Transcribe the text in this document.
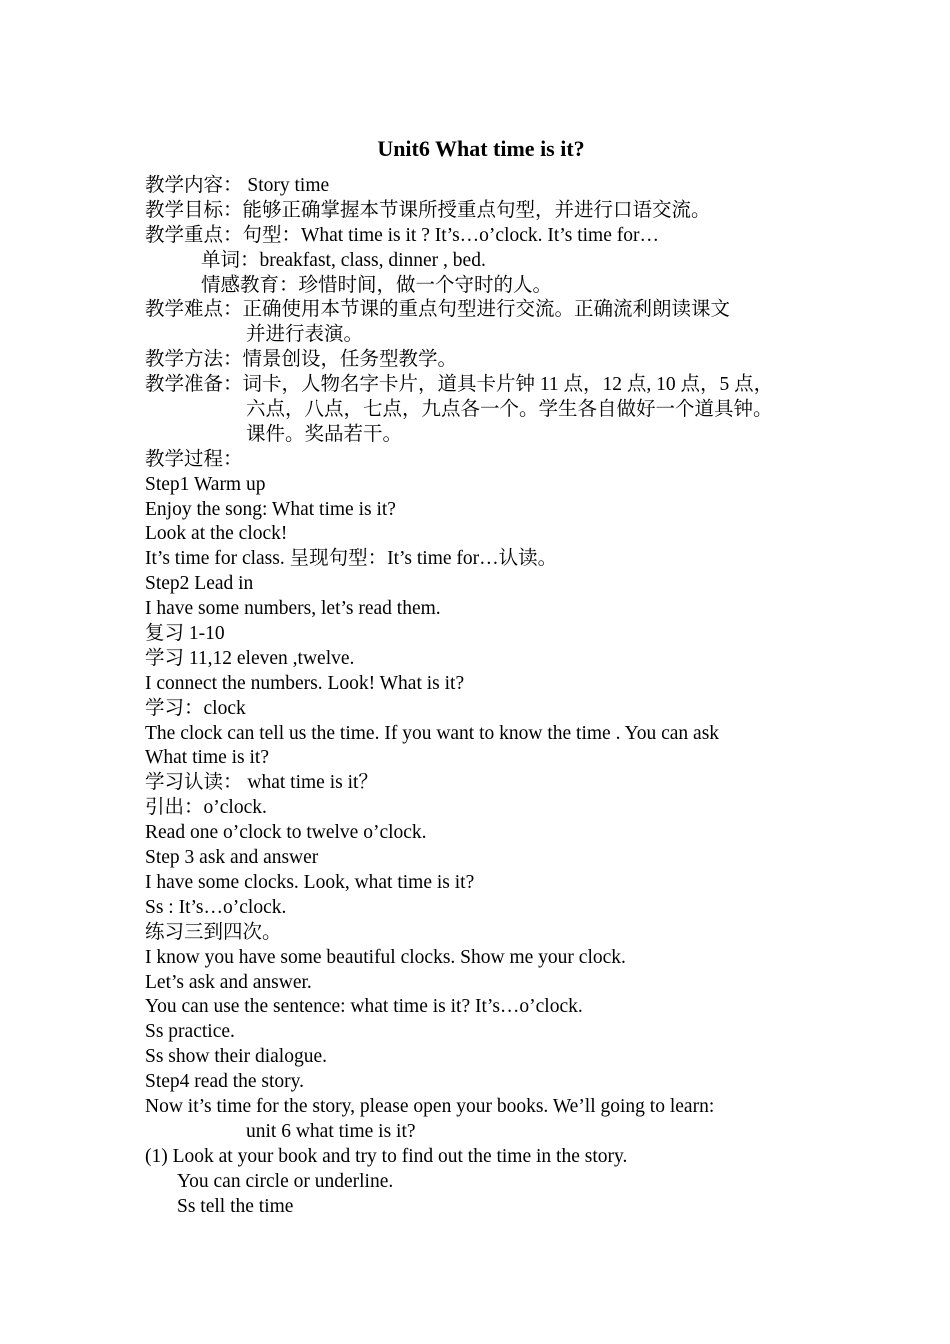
Unit6 What time is it?
教学内容： Story time
教学目标：能够正确掌握本节课所授重点句型，并进行口语交流。
教学重点：句型：What time is it ? It’s…o’clock. It’s time for…
单词：breakfast, class, dinner , bed.
情感教育：珍惜时间，做一个守时的人。
教学难点：正确使用本节课的重点句型进行交流。正确流利朗读课文
并进行表演。
教学方法：情景创设，任务型教学。
教学准备：词卡，人物名字卡片，道具卡片钟 11 点，12 点, 10 点，5 点，
六点，八点，七点，九点各一个。学生各自做好一个道具钟。
课件。奖品若干。
教学过程：
Step1 Warm up
Enjoy the song: What time is it?
Look at the clock!
It’s time for class. 呈现句型：It’s time for…认读。
Step2 Lead in
I have some numbers, let’s read them.
复习 1-10
学习 11,12 eleven ,twelve.
I connect the numbers. Look! What is it?
学习：clock
The clock can tell us the time. If you want to know the time . You can ask
What time is it?
学习认读： what time is it？
引出：o’clock.
Read one o’clock to twelve o’clock.
Step 3 ask and answer
I have some clocks. Look, what time is it?
Ss : It’s…o’clock.
练习三到四次。
I know you have some beautiful clocks. Show me your clock.
Let’s ask and answer.
You can use the sentence: what time is it? It’s…o’clock.
Ss practice.
Ss show their dialogue.
Step4 read the story.
Now it’s time for the story, please open your books. We’ll going to learn:
unit 6 what time is it?
(1) Look at your book and try to find out the time in the story.
You can circle or underline.
Ss tell the time
